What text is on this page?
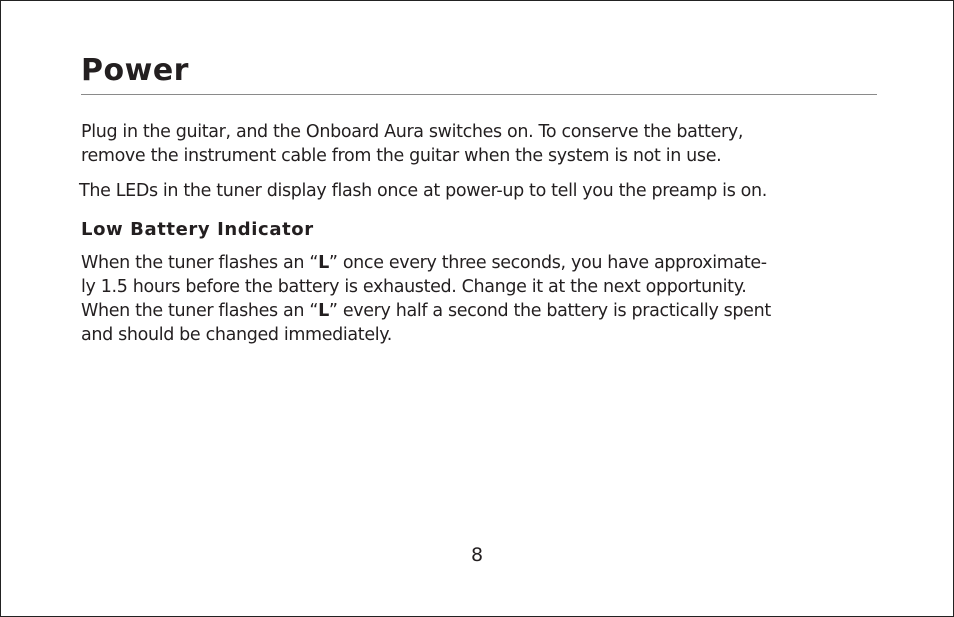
Power

Plug in the guitar, and the Onboard Aura switches on. To conserve the battery,
remove the instrument cable from the guitar when the system is not in use.

The LEDs in the tuner display flash once at power-up to tell you the preamp is on.

Low Battery Indicator

When the tuner flashes an “L” once every three seconds, you have approximate-
ly 1.5 hours before the battery is exhausted. Change it at the next opportunity.
When the tuner flashes an “L” every half a second the battery is practically spent
and should be changed immediately.

8
